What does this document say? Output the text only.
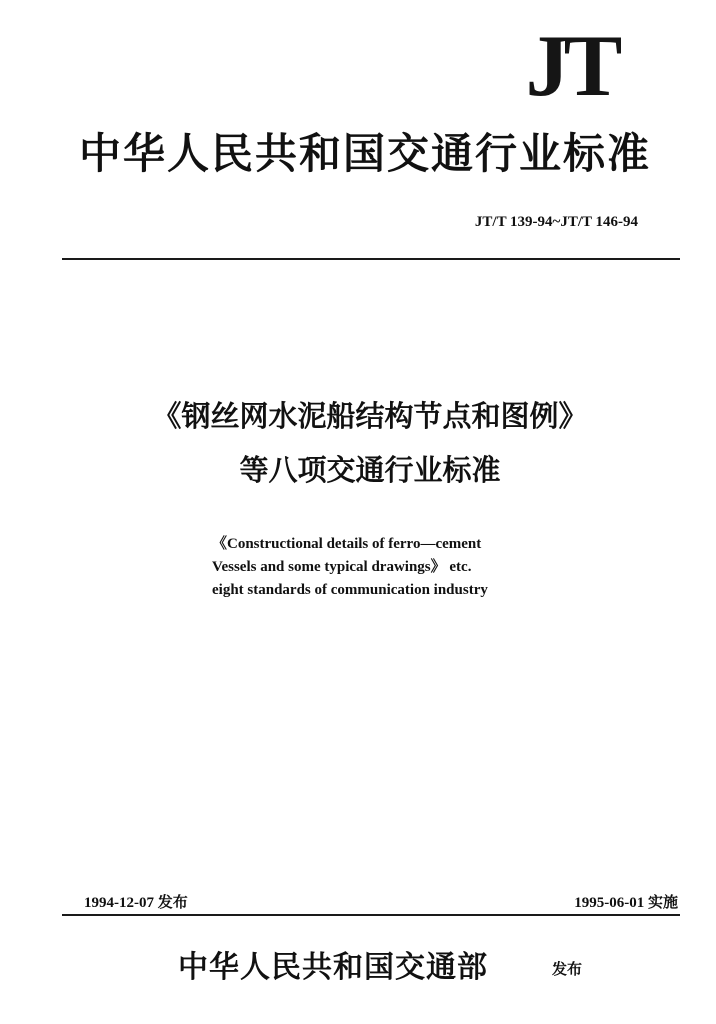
JT
中华人民共和国交通行业标准
JT/T 139-94~JT/T 146-94
《钢丝网水泥船结构节点和图例》
等八项交通行业标准
《Constructional details of ferro—cement
Vessels and some typical drawings》 etc.
eight standards of communication industry
1994-12-07 发布	1995-06-01 实施
中华人民共和国交通部	发布
